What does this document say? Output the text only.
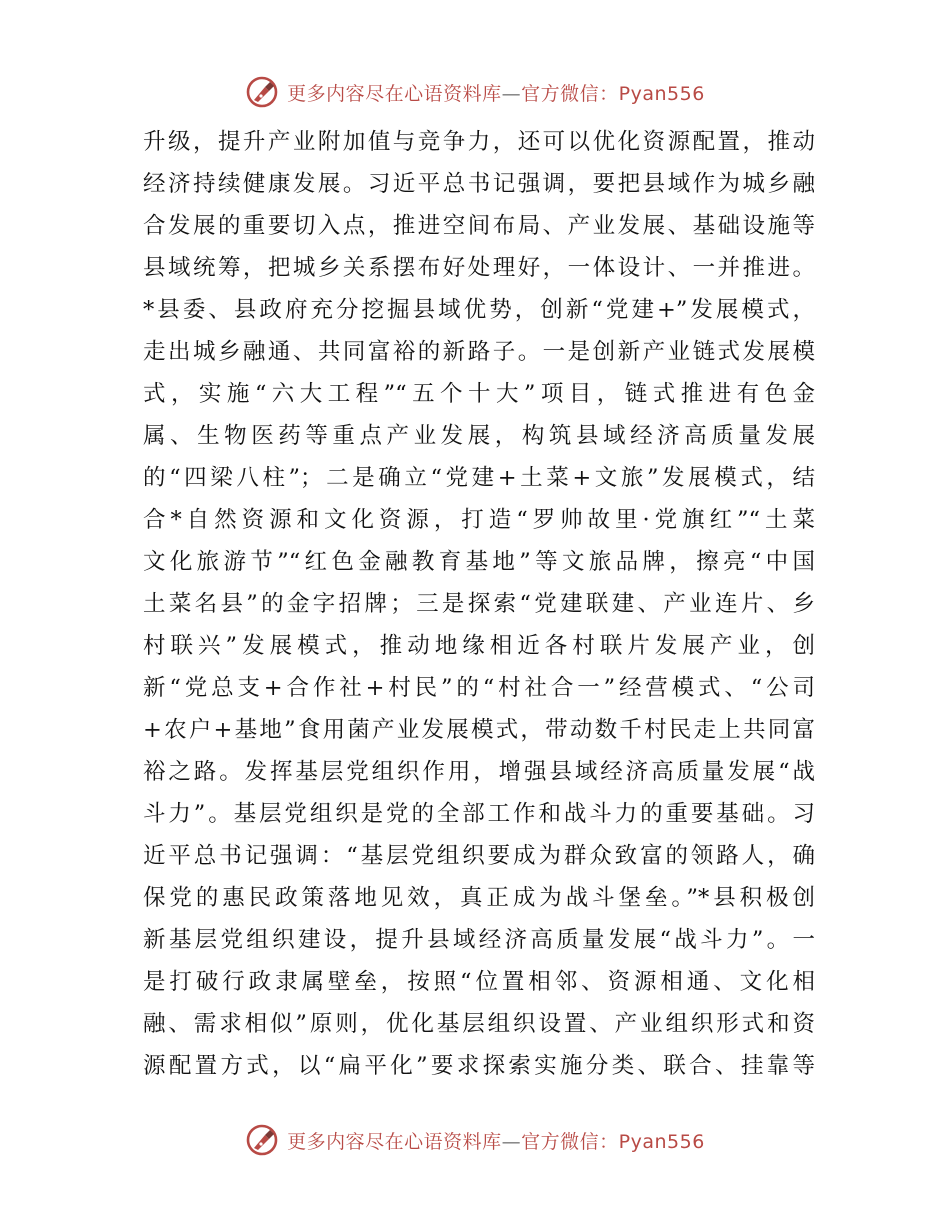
更多内容尽在心语资料库—官方微信：Pyan556
升级，提升产业附加值与竞争力，还可以优化资源配置，推动
经济持续健康发展。习近平总书记强调，要把县域作为城乡融
合发展的重要切入点，推进空间布局、产业发展、基础设施等
县域统筹，把城乡关系摆布好处理好，一体设计、一并推进。
*县委、县政府充分挖掘县域优势，创新“党建+”发展模式，
走出城乡融通、共同富裕的新路子。一是创新产业链式发展模
式，实施“六大工程”“五个十大”项目，链式推进有色金
属、生物医药等重点产业发展，构筑县域经济高质量发展
的“四梁八柱”；二是确立“党建+土菜+文旅”发展模式，结
合*自然资源和文化资源，打造“罗帅故里·党旗红”“土菜
文化旅游节”“红色金融教育基地”等文旅品牌，擦亮“中国
土菜名县”的金字招牌；三是探索“党建联建、产业连片、乡
村联兴”发展模式，推动地缘相近各村联片发展产业，创
新“党总支+合作社+村民”的“村社合一”经营模式、“公司
+农户+基地”食用菌产业发展模式，带动数千村民走上共同富
裕之路。发挥基层党组织作用，增强县域经济高质量发展“战
斗力”。基层党组织是党的全部工作和战斗力的重要基础。习
近平总书记强调：“基层党组织要成为群众致富的领路人，确
保党的惠民政策落地见效，真正成为战斗堡垒。”*县积极创
新基层党组织建设，提升县域经济高质量发展“战斗力”。一
是打破行政隶属壁垒，按照“位置相邻、资源相通、文化相
融、需求相似”原则，优化基层组织设置、产业组织形式和资
源配置方式，以“扁平化”要求探索实施分类、联合、挂靠等
更多内容尽在心语资料库—官方微信：Pyan556
